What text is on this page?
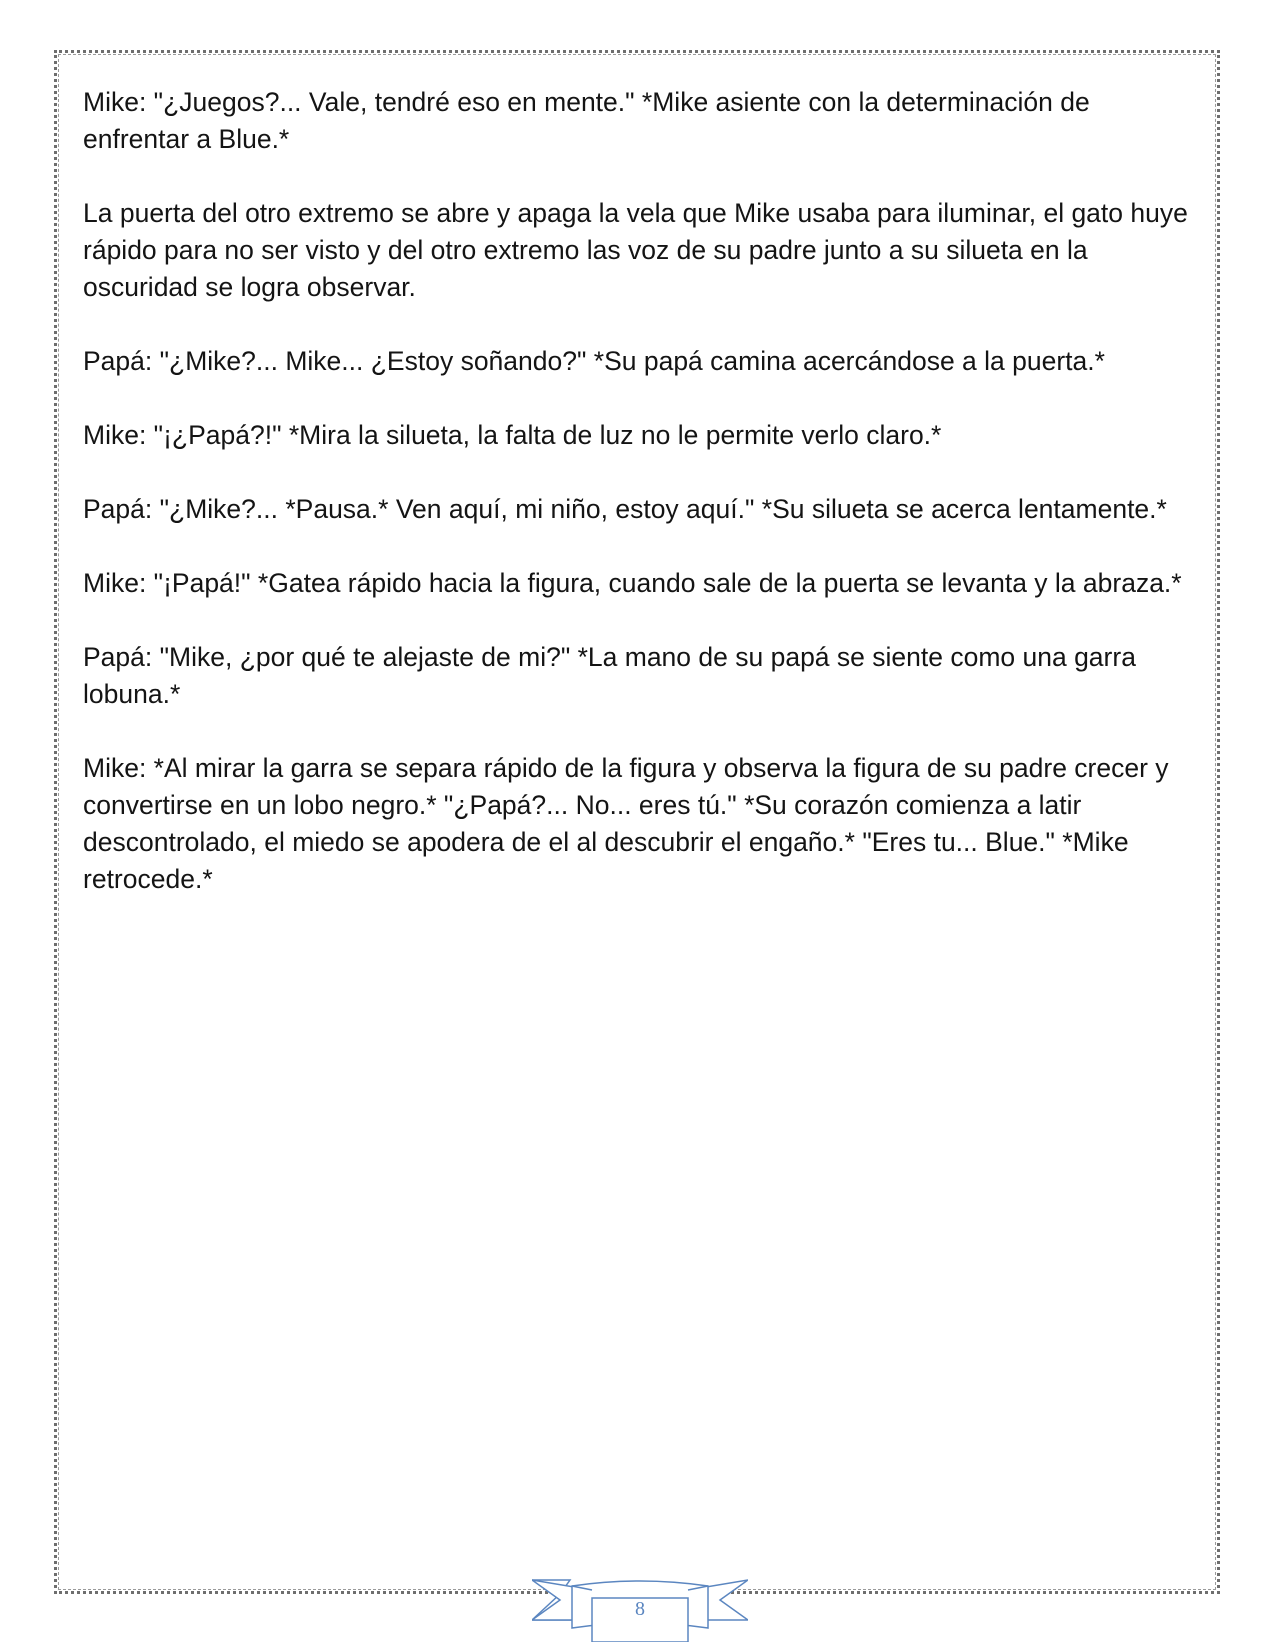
Mike: "¿Juegos?... Vale, tendré eso en mente." *Mike asiente con la determinación de enfrentar a Blue.*

La puerta del otro extremo se abre y apaga la vela que Mike usaba para iluminar, el gato huye rápido para no ser visto y del otro extremo las voz de su padre junto a su silueta en la oscuridad se logra observar.

Papá: "¿Mike?... Mike... ¿Estoy soñando?" *Su papá camina acercándose a la puerta.*

Mike: "¡¿Papá?!" *Mira la silueta, la falta de luz no le permite verlo claro.*

Papá: "¿Mike?... *Pausa.* Ven aquí, mi niño, estoy aquí." *Su silueta se acerca lentamente.*

Mike: "¡Papá!" *Gatea rápido hacia la figura, cuando sale de la puerta se levanta y la abraza.*

Papá: "Mike, ¿por qué te alejaste de mi?" *La mano de su papá se siente como una garra lobuna.*

Mike: *Al mirar la garra se separa rápido de la figura y observa la figura de su padre crecer y convertirse en un lobo negro.* "¿Papá?... No... eres tú." *Su corazón comienza a latir descontrolado, el miedo se apodera de el al descubrir el engaño.* "Eres tu... Blue." *Mike retrocede.*

8
